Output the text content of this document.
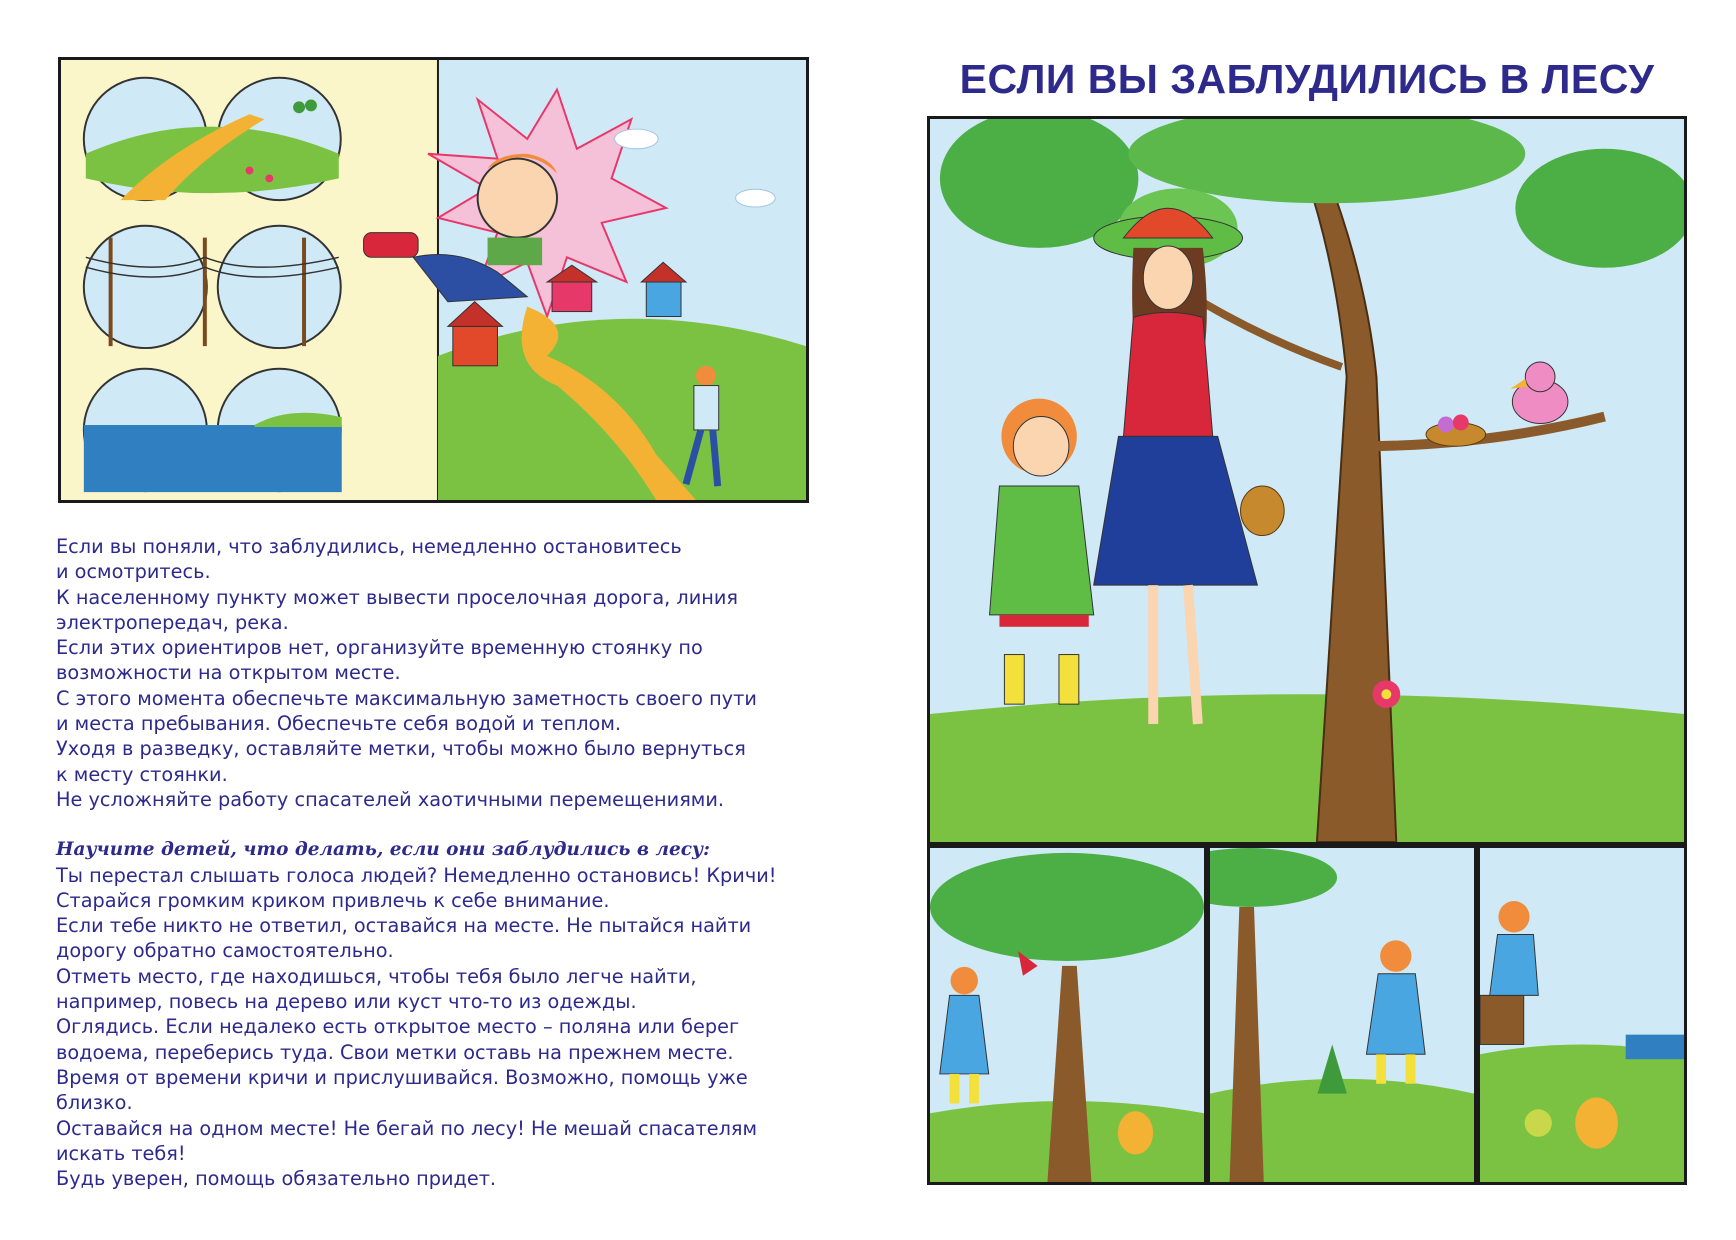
ЕСЛИ ВЫ ЗАБЛУДИЛИСЬ В ЛЕСУ

Если вы поняли, что заблудились, немедленно остановитесь

и осмотритесь.

К населенному пункту может вывести проселочная дорога, линия

электропередач, река.

Если этих ориентиров нет, организуйте временную стоянку по

возможности на открытом месте.

С этого момента обеспечьте максимальную заметность своего пути

и места пребывания. Обеспечьте себя водой и теплом.

Уходя в разведку, оставляйте метки, чтобы можно было вернуться

к месту стоянки.

Не усложняйте работу спасателей хаотичными перемещениями.

Научите детей, что делать, если они заблудились в лесу:

Ты перестал слышать голоса людей? Немедленно остановись! Кричи!

Старайся громким криком привлечь к себе внимание.

Если тебе никто не ответил, оставайся на месте. Не пытайся найти

дорогу обратно самостоятельно.

Отметь место, где находишься, чтобы тебя было легче найти,

например, повесь на дерево или куст что-то из одежды.

Оглядись. Если недалеко есть открытое место – поляна или берег

водоема, переберись туда. Свои метки оставь на прежнем месте.

Время от времени кричи и прислушивайся. Возможно, помощь уже

близко.

Оставайся на одном месте! Не бегай по лесу! Не мешай спасателям

искать тебя!

Будь уверен, помощь обязательно придет.
